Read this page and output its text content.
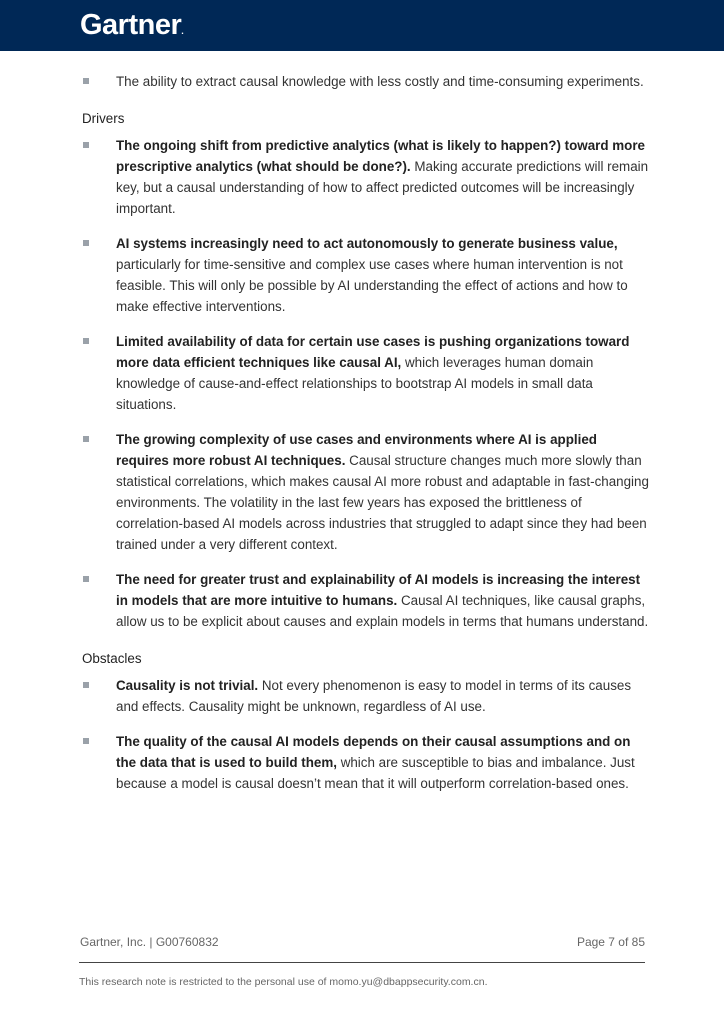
Gartner.
The ability to extract causal knowledge with less costly and time-consuming experiments.
Drivers
The ongoing shift from predictive analytics (what is likely to happen?) toward more prescriptive analytics (what should be done?). Making accurate predictions will remain key, but a causal understanding of how to affect predicted outcomes will be increasingly important.
AI systems increasingly need to act autonomously to generate business value, particularly for time-sensitive and complex use cases where human intervention is not feasible. This will only be possible by AI understanding the effect of actions and how to make effective interventions.
Limited availability of data for certain use cases is pushing organizations toward more data efficient techniques like causal AI, which leverages human domain knowledge of cause-and-effect relationships to bootstrap AI models in small data situations.
The growing complexity of use cases and environments where AI is applied requires more robust AI techniques. Causal structure changes much more slowly than statistical correlations, which makes causal AI more robust and adaptable in fast-changing environments. The volatility in the last few years has exposed the brittleness of correlation-based AI models across industries that struggled to adapt since they had been trained under a very different context.
The need for greater trust and explainability of AI models is increasing the interest in models that are more intuitive to humans. Causal AI techniques, like causal graphs, allow us to be explicit about causes and explain models in terms that humans understand.
Obstacles
Causality is not trivial. Not every phenomenon is easy to model in terms of its causes and effects. Causality might be unknown, regardless of AI use.
The quality of the causal AI models depends on their causal assumptions and on the data that is used to build them, which are susceptible to bias and imbalance. Just because a model is causal doesn’t mean that it will outperform correlation-based ones.
Gartner, Inc. | G00760832	Page 7 of 85
This research note is restricted to the personal use of momo.yu@dbappsecurity.com.cn.
